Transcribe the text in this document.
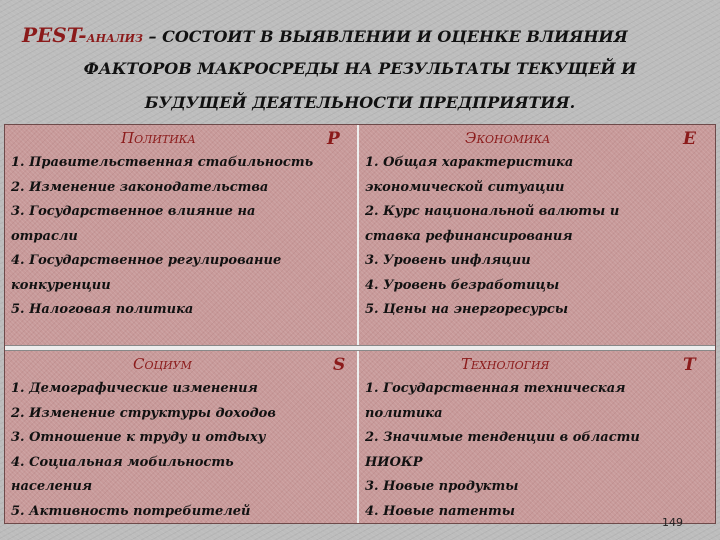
PEST-анализ – СОСТОИТ В ВЫЯВЛЕНИИ И ОЦЕНКЕ ВЛИЯНИЯ
ФАКТОРОВ МАКРОСРЕДЫ НА РЕЗУЛЬТАТЫ ТЕКУЩЕЙ И
БУДУЩЕЙ ДЕЯТЕЛЬНОСТИ ПРЕДПРИЯТИЯ.
Политика	P
1. Правительственная стабильность
2. Изменение законодательства
3. Государственное влияние на
отрасли
4. Государственное регулирование
конкуренции
5. Налоговая политика
Экономика	E
1. Общая характеристика
экономической ситуации
2. Курс национальной валюты и
ставка рефинансирования
3. Уровень инфляции
4. Уровень безработицы
5. Цены на энергоресурсы
Социум	S
1. Демографические изменения
2. Изменение структуры доходов
3. Отношение к труду и отдыху
4. Социальная мобильность
населения
5. Активность потребителей
Технология	T
1. Государственная техническая
политика
2. Значимые тенденции в области
НИОКР
3. Новые продукты
4. Новые патенты
149
